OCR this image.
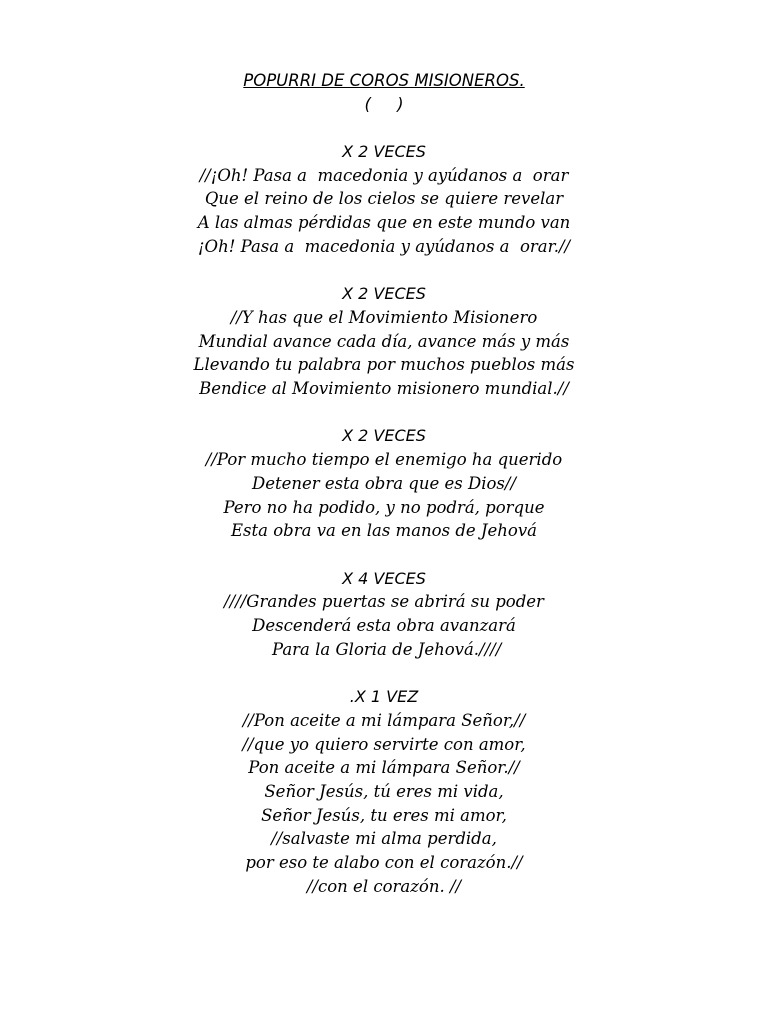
POPURRI DE COROS MISIONEROS.
(     )
X 2 VECES
//¡Oh! Pasa a  macedonia y ayúdanos a  orar
Que el reino de los cielos se quiere revelar
A las almas pérdidas que en este mundo van
¡Oh! Pasa a  macedonia y ayúdanos a  orar.//
X 2 VECES
//Y has que el Movimiento Misionero
Mundial avance cada día, avance más y más
Llevando tu palabra por muchos pueblos más
Bendice al Movimiento misionero mundial.//
X 2 VECES
//Por mucho tiempo el enemigo ha querido
Detener esta obra que es Dios//
Pero no ha podido, y no podrá, porque
Esta obra va en las manos de Jehová
X 4 VECES
////Grandes puertas se abrirá su poder
Descenderá esta obra avanzará
Para la Gloria de Jehová.////
.X 1 VEZ
//Pon aceite a mi lámpara Señor,//
//que yo quiero servirte con amor,
Pon aceite a mi lámpara Señor.//
Señor Jesús, tú eres mi vida,
Señor Jesús, tu eres mi amor,
//salvaste mi alma perdida,
por eso te alabo con el corazón.//
//con el corazón. //
